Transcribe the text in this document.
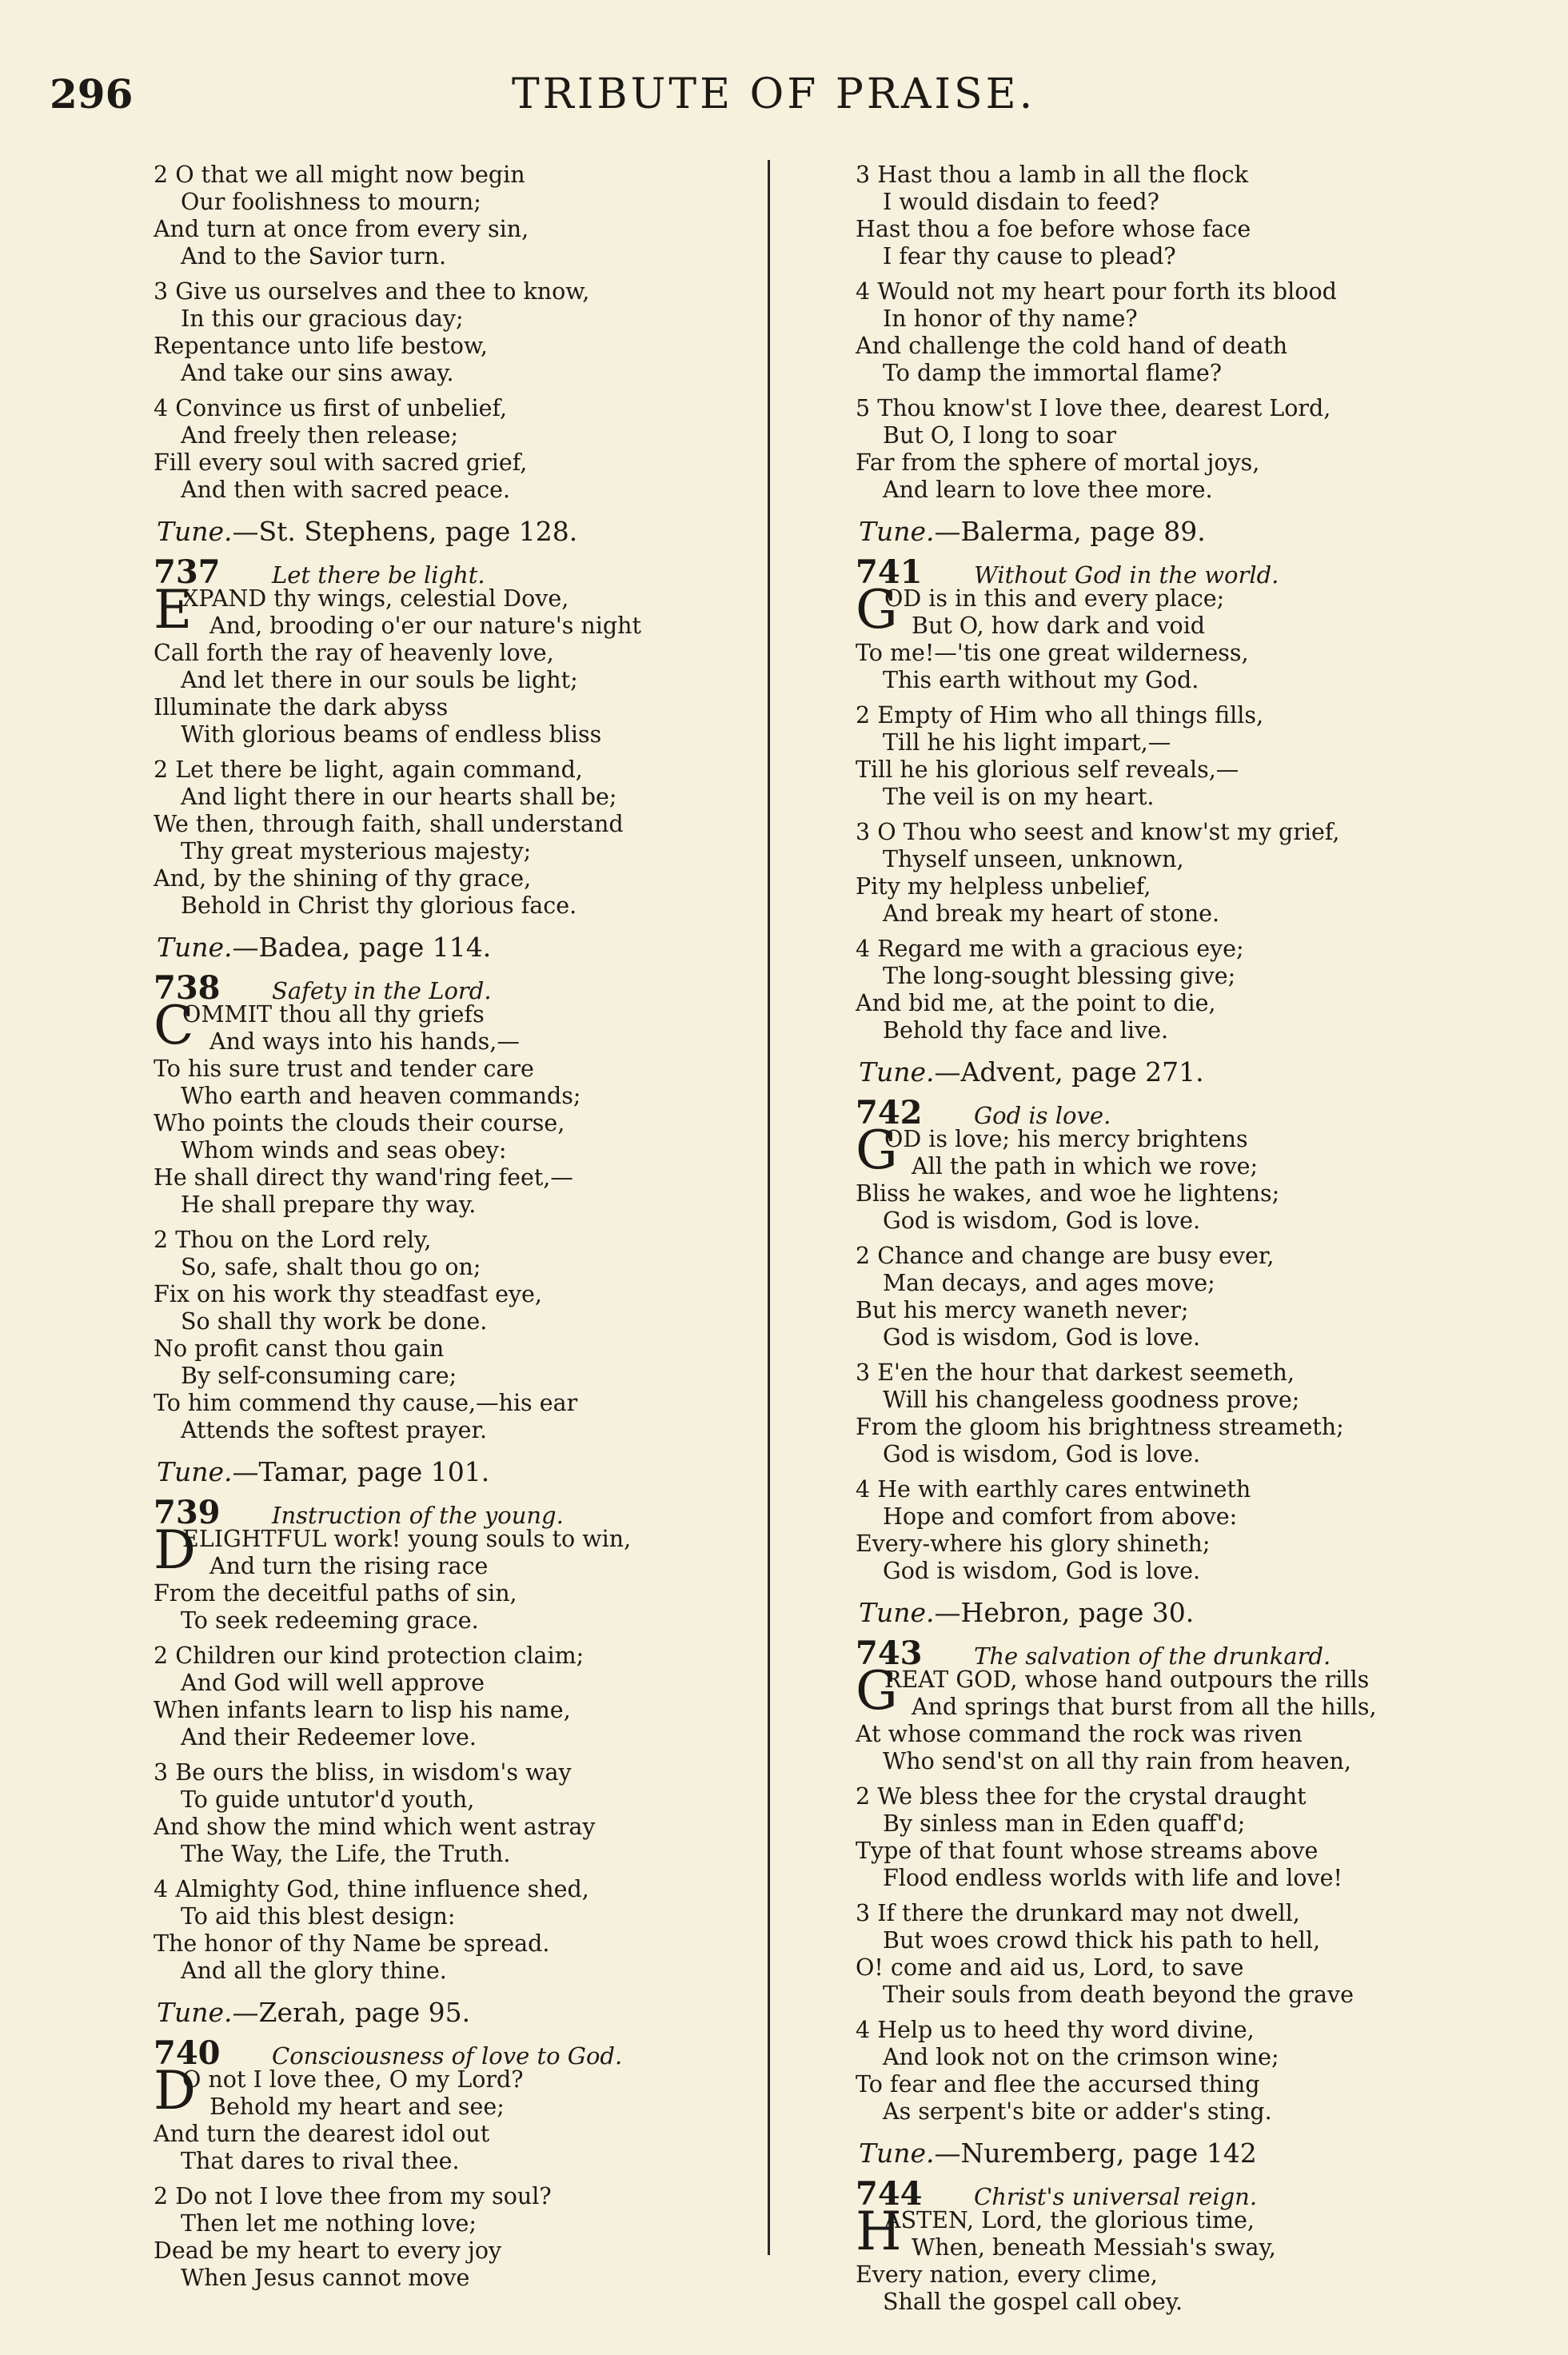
296	TRIBUTE OF PRAISE.
2 O that we all might now begin
Our foolishness to mourn;
And turn at once from every sin,
And to the Savior turn.
3 Give us ourselves and thee to know,
In this our gracious day;
Repentance unto life bestow,
And take our sins away.
4 Convince us first of unbelief,
And freely then release;
Fill every soul with sacred grief,
And then with sacred peace.
Tune.—St. Stephens, page 128.
737	Let there be light.
E
XPAND thy wings, celestial Dove,
And, brooding o'er our nature's night
Call forth the ray of heavenly love,
And let there in our souls be light;
Illuminate the dark abyss
With glorious beams of endless bliss
2 Let there be light, again command,
And light there in our hearts shall be;
We then, through faith, shall understand
Thy great mysterious majesty;
And, by the shining of thy grace,
Behold in Christ thy glorious face.
Tune.—Badea, page 114.
738	Safety in the Lord.
C
OMMIT thou all thy griefs
And ways into his hands,—
To his sure trust and tender care
Who earth and heaven commands;
Who points the clouds their course,
Whom winds and seas obey:
He shall direct thy wand'ring feet,—
He shall prepare thy way.
2 Thou on the Lord rely,
So, safe, shalt thou go on;
Fix on his work thy steadfast eye,
So shall thy work be done.
No profit canst thou gain
By self-consuming care;
To him commend thy cause,—his ear
Attends the softest prayer.
Tune.—Tamar, page 101.
739	Instruction of the young.
D
ELIGHTFUL work! young souls to win,
And turn the rising race
From the deceitful paths of sin,
To seek redeeming grace.
2 Children our kind protection claim;
And God will well approve
When infants learn to lisp his name,
And their Redeemer love.
3 Be ours the bliss, in wisdom's way
To guide untutor'd youth,
And show the mind which went astray
The Way, the Life, the Truth.
4 Almighty God, thine influence shed,
To aid this blest design:
The honor of thy Name be spread.
And all the glory thine.
Tune.—Zerah, page 95.
740	Consciousness of love to God.
D
O not I love thee, O my Lord?
Behold my heart and see;
And turn the dearest idol out
That dares to rival thee.
2 Do not I love thee from my soul?
Then let me nothing love;
Dead be my heart to every joy
When Jesus cannot move
3 Hast thou a lamb in all the flock
I would disdain to feed?
Hast thou a foe before whose face
I fear thy cause to plead?
4 Would not my heart pour forth its blood
In honor of thy name?
And challenge the cold hand of death
To damp the immortal flame?
5 Thou know'st I love thee, dearest Lord,
But O, I long to soar
Far from the sphere of mortal joys,
And learn to love thee more.
Tune.—Balerma, page 89.
741	Without God in the world.
G
OD is in this and every place;
But O, how dark and void
To me!—'tis one great wilderness,
This earth without my God.
2 Empty of Him who all things fills,
Till he his light impart,—
Till he his glorious self reveals,—
The veil is on my heart.
3 O Thou who seest and know'st my grief,
Thyself unseen, unknown,
Pity my helpless unbelief,
And break my heart of stone.
4 Regard me with a gracious eye;
The long-sought blessing give;
And bid me, at the point to die,
Behold thy face and live.
Tune.—Advent, page 271.
742	God is love.
G
OD is love; his mercy brightens
All the path in which we rove;
Bliss he wakes, and woe he lightens;
God is wisdom, God is love.
2 Chance and change are busy ever,
Man decays, and ages move;
But his mercy waneth never;
God is wisdom, God is love.
3 E'en the hour that darkest seemeth,
Will his changeless goodness prove;
From the gloom his brightness streameth;
God is wisdom, God is love.
4 He with earthly cares entwineth
Hope and comfort from above:
Every-where his glory shineth;
God is wisdom, God is love.
Tune.—Hebron, page 30.
743	The salvation of the drunkard.
G
REAT GOD, whose hand outpours the rills
And springs that burst from all the hills,
At whose command the rock was riven
Who send'st on all thy rain from heaven,
2 We bless thee for the crystal draught
By sinless man in Eden quaff'd;
Type of that fount whose streams above
Flood endless worlds with life and love!
3 If there the drunkard may not dwell,
But woes crowd thick his path to hell,
O! come and aid us, Lord, to save
Their souls from death beyond the grave
4 Help us to heed thy word divine,
And look not on the crimson wine;
To fear and flee the accursed thing
As serpent's bite or adder's sting.
Tune.—Nuremberg, page 142
744	Christ's universal reign.
H
ASTEN, Lord, the glorious time,
When, beneath Messiah's sway,
Every nation, every clime,
Shall the gospel call obey.
